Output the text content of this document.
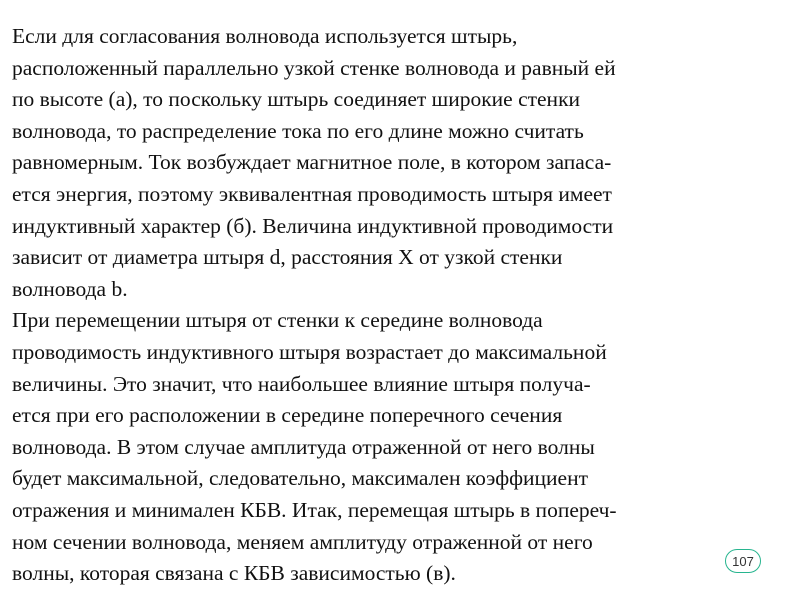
Если для согласования волновода используется штырь,
расположенный параллельно узкой стенке волновода и равный ей
по высоте (а), то поскольку штырь соединяет широкие стенки
волновода, то распределение тока по его длине можно считать
равномерным. Ток возбуждает магнитное поле, в котором запаса-
ется энергия, поэтому эквивалентная проводимость штыря имеет
индуктивный характер (б). Величина индуктивной проводимости
зависит от диаметра штыря d, расстояния X от узкой стенки
волновода b.
При перемещении штыря от стенки к середине волновода
проводимость индуктивного штыря возрастает до максимальной
величины. Это значит, что наибольшее влияние штыря получа-
ется при его расположении в середине поперечного сечения
волновода. В этом случае амплитуда отраженной от него волны
будет максимальной, следовательно, максимален коэффициент
отражения и минимален КБВ. Итак, перемещая штырь в попереч-
ном сечении волновода, меняем амплитуду отраженной от него
волны, которая связана с КБВ зависимостью (в).
107
